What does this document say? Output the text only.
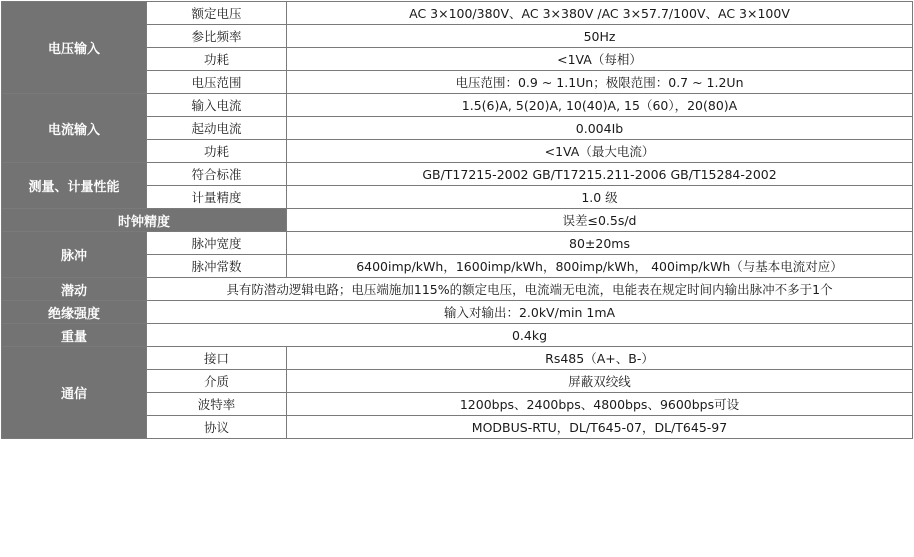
电压输入	额定电压	AC 3×100/380V、AC 3×380V /AC 3×57.7/100V、AC 3×100V
	参比频率	50Hz
	功耗	<1VA（每相）
	电压范围	电压范围：0.9 ~ 1.1Un；极限范围：0.7 ~ 1.2Un
电流输入	输入电流	1.5(6)A, 5(20)A, 10(40)A, 15（60），20(80)A
	起动电流	0.004Ib
	功耗	<1VA（最大电流）
测量、计量性能	符合标准	GB/T17215-2002 GB/T17215.211-2006 GB/T15284-2002
	计量精度	1.0 级
时钟精度		误差≤0.5s/d
脉冲	脉冲宽度	80±20ms
	脉冲常数	6400imp/kWh，1600imp/kWh，800imp/kWh， 400imp/kWh（与基本电流对应）
潜动	具有防潜动逻辑电路；电压端施加115%的额定电压，电流端无电流，电能表在规定时间内输出脉冲不多于1个	
绝缘强度	输入对输出：2.0kV/min 1mA	
重量	0.4kg	
通信	接口	Rs485（A+、B-）
	介质	屏蔽双绞线
	波特率	1200bps、2400bps、4800bps、9600bps可设
	协议	MODBUS-RTU，DL/T645-07，DL/T645-97
